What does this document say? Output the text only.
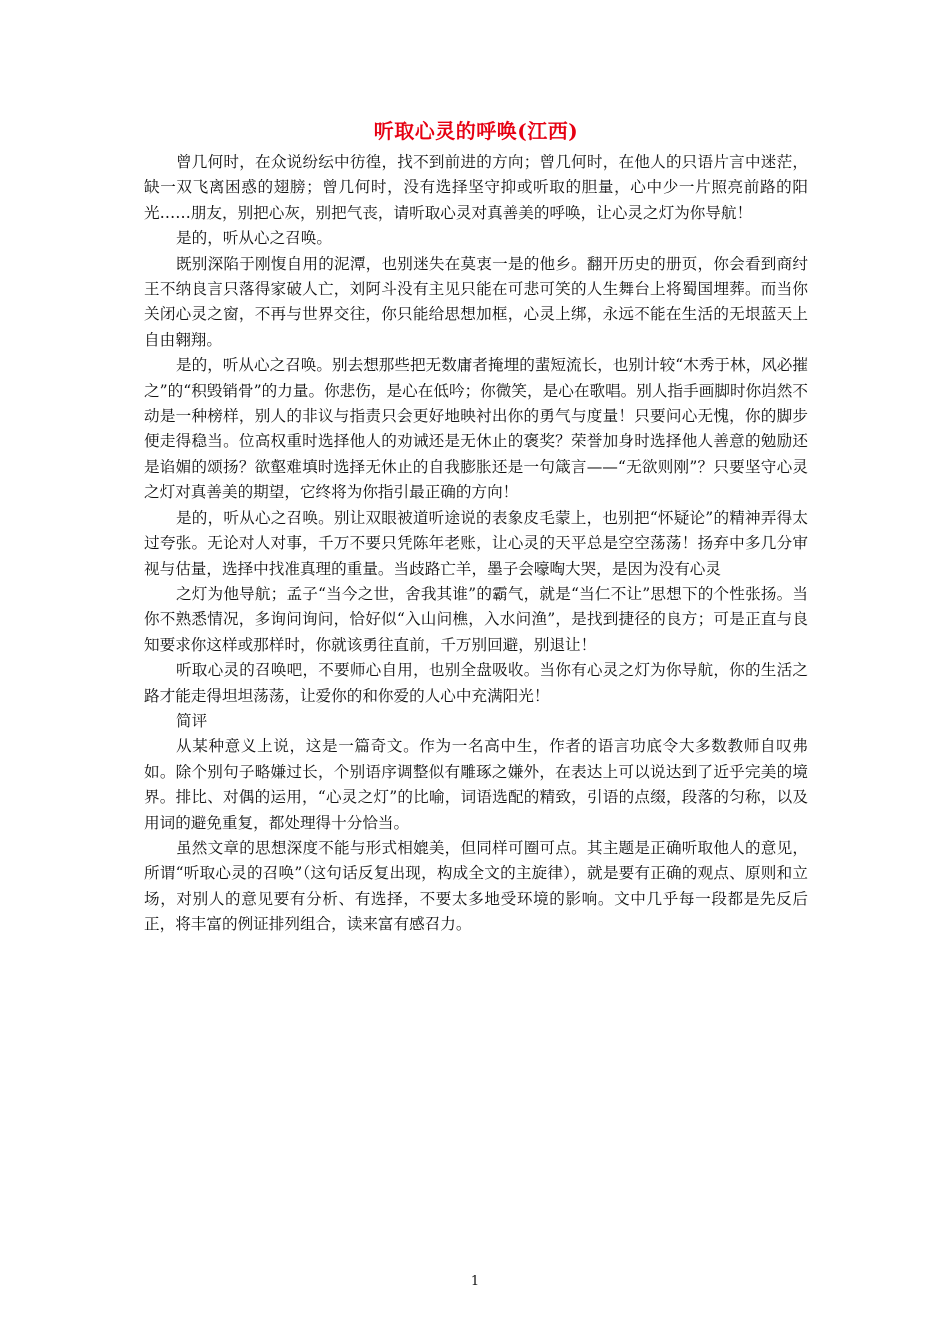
听取心灵的呼唤(江西)

曾几何时，在众说纷纭中彷徨，找不到前进的方向；曾几何时，在他人的只语片言中迷茫，缺一双飞离困惑的翅膀；曾几何时，没有选择坚守抑或听取的胆量，心中少一片照亮前路的阳光……朋友，别把心灰，别把气丧，请听取心灵对真善美的呼唤，让心灵之灯为你导航！

是的，听从心之召唤。

既别深陷于刚愎自用的泥潭，也别迷失在莫衷一是的他乡。翻开历史的册页，你会看到商纣王不纳良言只落得家破人亡，刘阿斗没有主见只能在可悲可笑的人生舞台上将蜀国埋葬。而当你关闭心灵之窗，不再与世界交往，你只能给思想加框，心灵上绑，永远不能在生活的无垠蓝天上自由翱翔。

是的，听从心之召唤。别去想那些把无数庸者掩埋的蜚短流长，也别计较“木秀于林，风必摧之”的“积毁销骨”的力量。你悲伤，是心在低吟；你微笑，是心在歌唱。别人指手画脚时你岿然不动是一种榜样，别人的非议与指责只会更好地映衬出你的勇气与度量！只要问心无愧，你的脚步便走得稳当。位高权重时选择他人的劝诫还是无休止的褒奖？荣誉加身时选择他人善意的勉励还是谄媚的颂扬？欲壑难填时选择无休止的自我膨胀还是一句箴言——“无欲则刚”？只要坚守心灵之灯对真善美的期望，它终将为你指引最正确的方向！

是的，听从心之召唤。别让双眼被道听途说的表象皮毛蒙上，也别把“怀疑论”的精神弄得太过夸张。无论对人对事，千万不要只凭陈年老账，让心灵的天平总是空空荡荡！扬弃中多几分审视与估量，选择中找准真理的重量。当歧路亡羊，墨子会嚎啕大哭，是因为没有心灵

之灯为他导航；孟子“当今之世，舍我其谁”的霸气，就是“当仁不让”思想下的个性张扬。当你不熟悉情况，多询问询问，恰好似“入山问樵，入水问渔”，是找到捷径的良方；可是正直与良知要求你这样或那样时，你就该勇往直前，千万别回避，别退让！

听取心灵的召唤吧，不要师心自用，也别全盘吸收。当你有心灵之灯为你导航，你的生活之路才能走得坦坦荡荡，让爱你的和你爱的人心中充满阳光！

简评

从某种意义上说，这是一篇奇文。作为一名高中生，作者的语言功底令大多数教师自叹弗如。除个别句子略嫌过长，个别语序调整似有雕琢之嫌外，在表达上可以说达到了近乎完美的境界。排比、对偶的运用，“心灵之灯”的比喻，词语选配的精致，引语的点缀，段落的匀称，以及用词的避免重复，都处理得十分恰当。

虽然文章的思想深度不能与形式相媲美，但同样可圈可点。其主题是正确听取他人的意见，所谓“听取心灵的召唤”（这句话反复出现，构成全文的主旋律），就是要有正确的观点、原则和立场，对别人的意见要有分析、有选择，不要太多地受环境的影响。文中几乎每一段都是先反后正，将丰富的例证排列组合，读来富有感召力。

1
